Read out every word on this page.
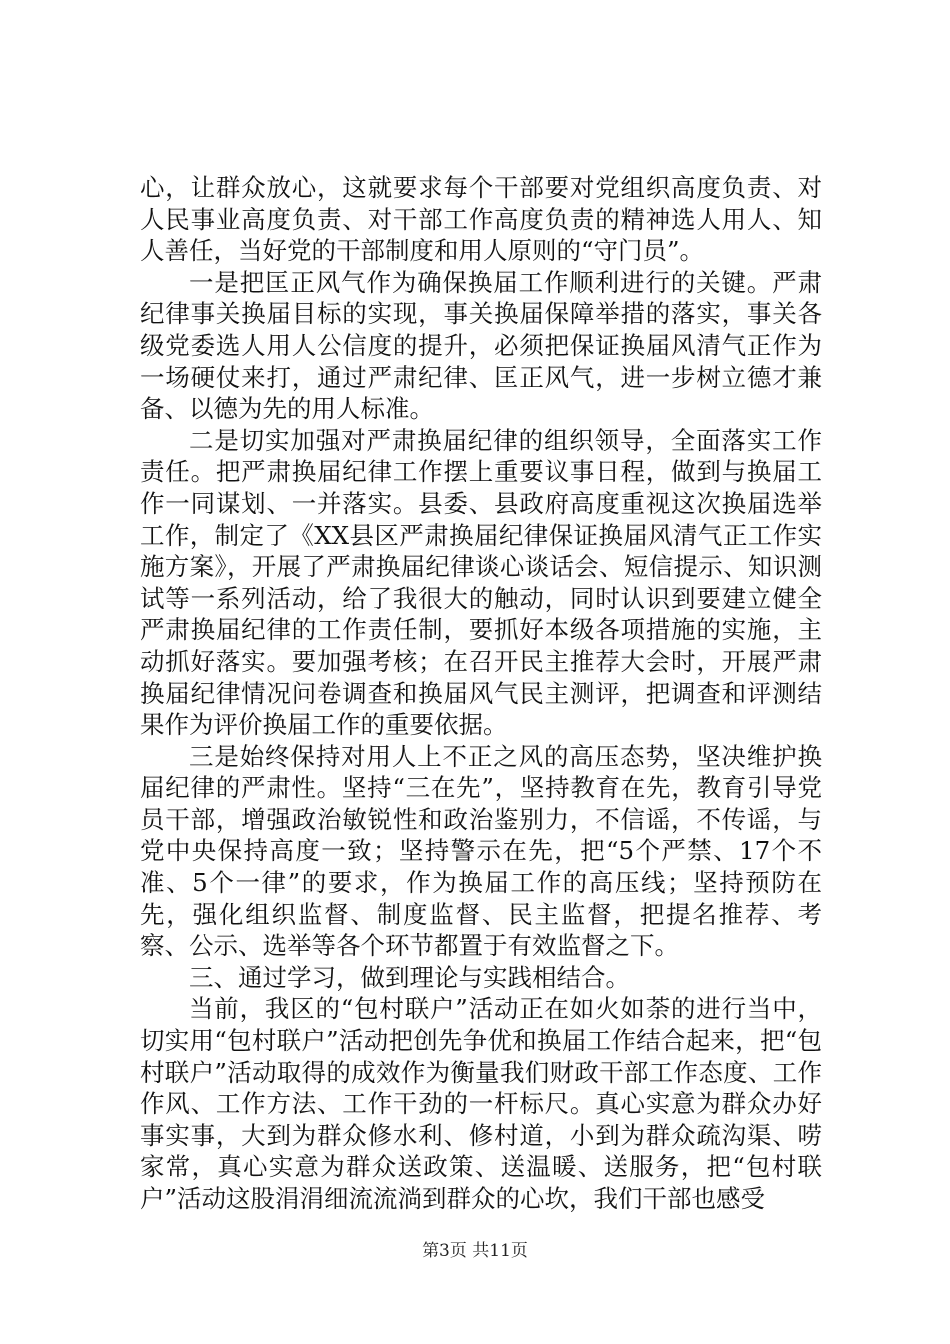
心，让群众放心，这就要求每个干部要对党组织高度负责、对人民事业高度负责、对干部工作高度负责的精神选人用人、知人善任，当好党的干部制度和用人原则的“守门员”。

一是把匡正风气作为确保换届工作顺利进行的关键。严肃纪律事关换届目标的实现，事关换届保障举措的落实，事关各级党委选人用人公信度的提升，必须把保证换届风清气正作为一场硬仗来打，通过严肃纪律、匡正风气，进一步树立德才兼备、以德为先的用人标准。

二是切实加强对严肃换届纪律的组织领导，全面落实工作责任。把严肃换届纪律工作摆上重要议事日程，做到与换届工作一同谋划、一并落实。县委、县政府高度重视这次换届选举工作，制定了《XX县区严肃换届纪律保证换届风清气正工作实施方案》，开展了严肃换届纪律谈心谈话会、短信提示、知识测试等一系列活动，给了我很大的触动，同时认识到要建立健全严肃换届纪律的工作责任制，要抓好本级各项措施的实施，主动抓好落实。要加强考核；在召开民主推荐大会时，开展严肃换届纪律情况问卷调查和换届风气民主测评，把调查和评测结果作为评价换届工作的重要依据。

三是始终保持对用人上不正之风的高压态势，坚决维护换届纪律的严肃性。坚持“三在先”，坚持教育在先，教育引导党员干部，增强政治敏锐性和政治鉴别力，不信谣，不传谣，与党中央保持高度一致；坚持警示在先，把“5个严禁、17个不准、5个一律”的要求，作为换届工作的高压线；坚持预防在先，强化组织监督、制度监督、民主监督，把提名推荐、考察、公示、选举等各个环节都置于有效监督之下。

三、通过学习，做到理论与实践相结合。

当前，我区的“包村联户”活动正在如火如荼的进行当中，切实用“包村联户”活动把创先争优和换届工作结合起来，把“包村联户”活动取得的成效作为衡量我们财政干部工作态度、工作作风、工作方法、工作干劲的一杆标尺。真心实意为群众办好事实事，大到为群众修水利、修村道，小到为群众疏沟渠、唠家常，真心实意为群众送政策、送温暖、送服务，把“包村联户”活动这股涓涓细流流淌到群众的心坎，我们干部也感受

第3页 共11页
